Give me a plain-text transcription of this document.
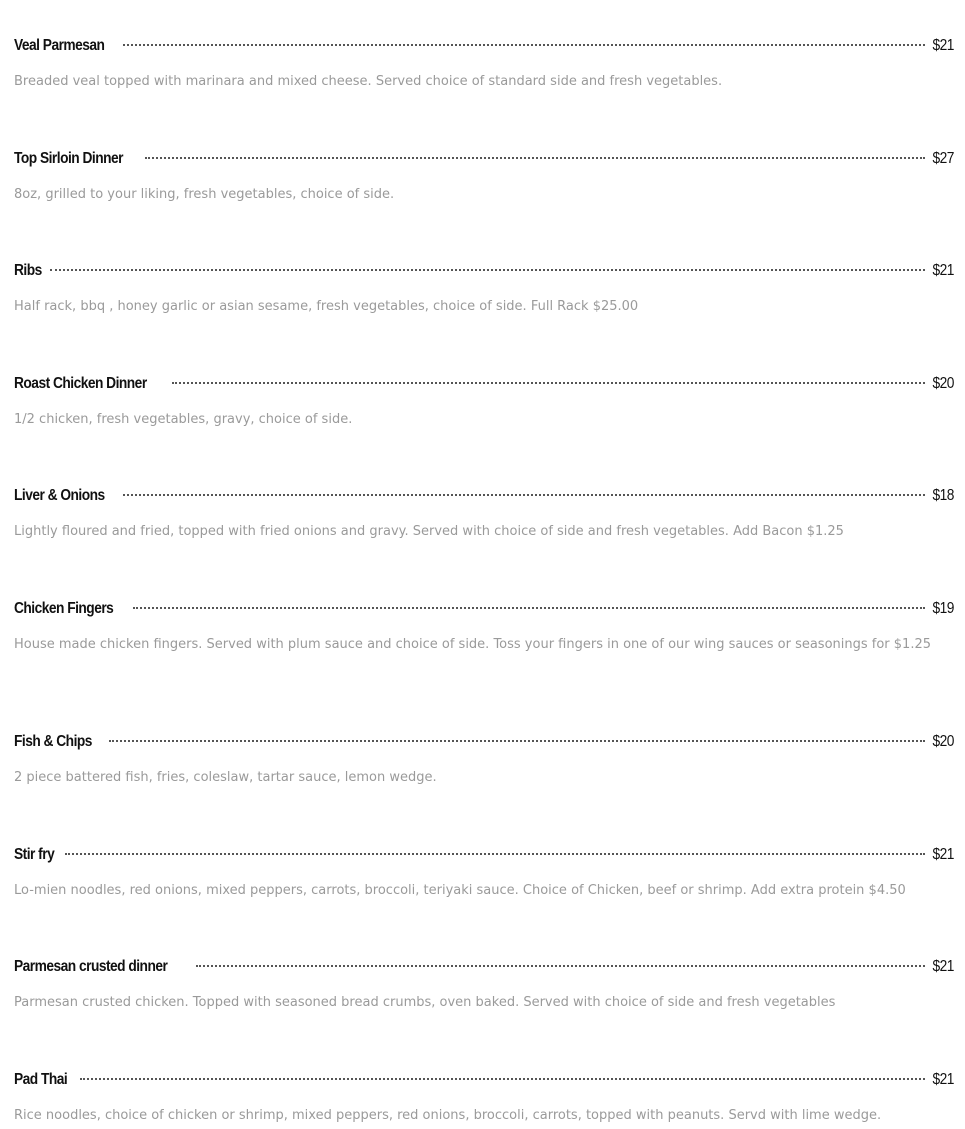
Veal Parmesan	$21
Breaded veal topped with marinara and mixed cheese. Served choice of standard side and fresh vegetables.
Top Sirloin Dinner	$27
8oz, grilled to your liking, fresh vegetables, choice of side.
Ribs	$21
Half rack, bbq , honey garlic or asian sesame, fresh vegetables, choice of side. Full Rack $25.00
Roast Chicken Dinner	$20
1/2 chicken, fresh vegetables, gravy, choice of side.
Liver & Onions	$18
Lightly floured and fried, topped with fried onions and gravy. Served with choice of side and fresh vegetables. Add Bacon $1.25
Chicken Fingers	$19
House made chicken fingers. Served with plum sauce and choice of side. Toss your fingers in one of our wing sauces or seasonings for $1.25
Fish & Chips	$20
2 piece battered fish, fries, coleslaw, tartar sauce, lemon wedge.
Stir fry	$21
Lo-mien noodles, red onions, mixed peppers, carrots, broccoli, teriyaki sauce. Choice of Chicken, beef or shrimp. Add extra protein $4.50
Parmesan crusted dinner	$21
Parmesan crusted chicken. Topped with seasoned bread crumbs, oven baked. Served with choice of side and fresh vegetables
Pad Thai	$21
Rice noodles, choice of chicken or shrimp, mixed peppers, red onions, broccoli, carrots, topped with peanuts. Servd with lime wedge.
